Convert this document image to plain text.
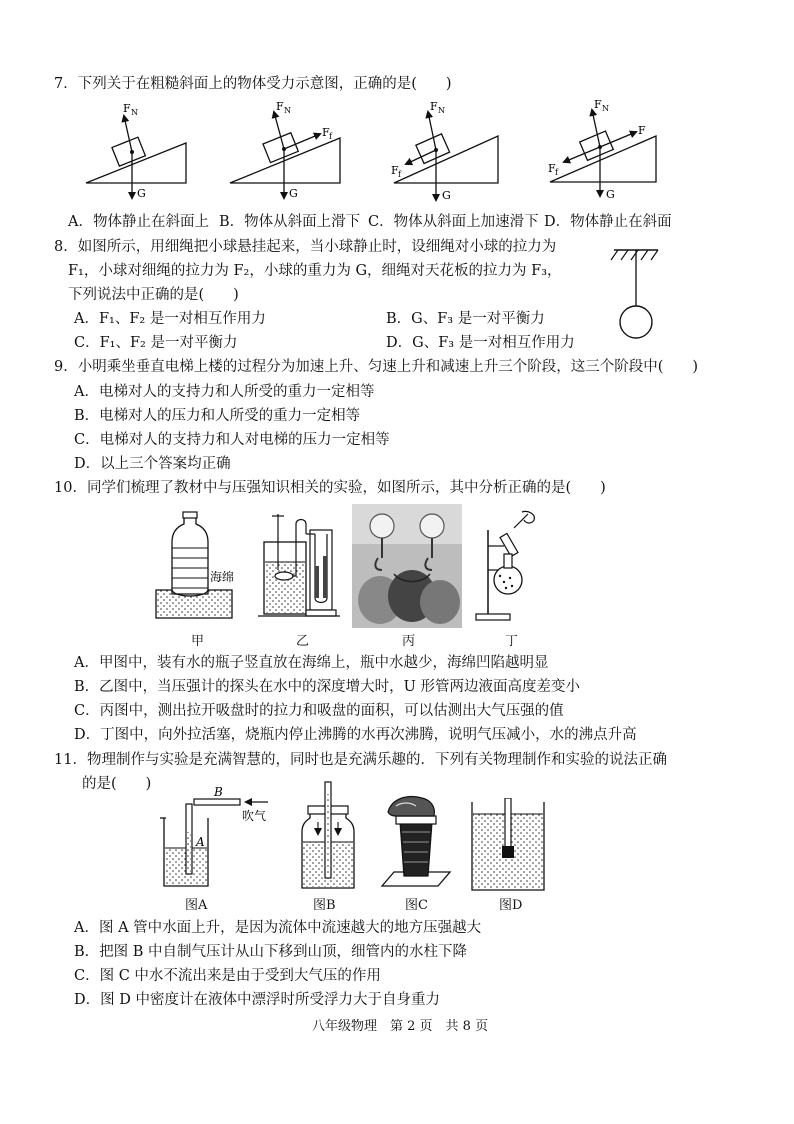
7．下列关于在粗糙斜面上的物体受力示意图，正确的是(　　)
F N
G
F N
F f
G
F N
F f
G
F N
F
F f
G
A．物体静止在斜面上 B．物体从斜面上滑下 C．物体从斜面上加速滑下 D．物体静止在斜面
8．如图所示，用细绳把小球悬挂起来，当小球静止时，设细绳对小球的拉力为
F₁，小球对细绳的拉力为 F₂，小球的重力为 G，细绳对天花板的拉力为 F₃，
下列说法中正确的是(　　)
A．F₁、F₂ 是一对相互作用力	B．G、F₃ 是一对平衡力
C．F₁、F₂ 是一对平衡力	D．G、F₃ 是一对相互作用力
9．小明乘坐垂直电梯上楼的过程分为加速上升、匀速上升和减速上升三个阶段，这三个阶段中(　　)
A．电梯对人的支持力和人所受的重力一定相等
B．电梯对人的压力和人所受的重力一定相等
C．电梯对人的支持力和人对电梯的压力一定相等
D．以上三个答案均正确
10．同学们梳理了教材中与压强知识相关的实验，如图所示，其中分析正确的是(　　)
海绵
甲	乙	丙	丁
A．甲图中，装有水的瓶子竖直放在海绵上，瓶中水越少，海绵凹陷越明显
B．乙图中，当压强计的探头在水中的深度增大时，U 形管两边液面高度差变小
C．丙图中，测出拉开吸盘时的拉力和吸盘的面积，可以估测出大气压强的值
D．丁图中，向外拉活塞，烧瓶内停止沸腾的水再次沸腾，说明气压减小，水的沸点升高
11．物理制作与实验是充满智慧的，同时也是充满乐趣的．下列有关物理制作和实验的说法正确
的是(　　)	B
A
吹气
图A	图B	图C	图D
A．图 A 管中水面上升，是因为流体中流速越大的地方压强越大
B．把图 B 中自制气压计从山下移到山顶，细管内的水柱下降
C．图 C 中水不流出来是由于受到大气压的作用
D．图 D 中密度计在液体中漂浮时所受浮力大于自身重力
八年级物理　第 2 页　共 8 页
